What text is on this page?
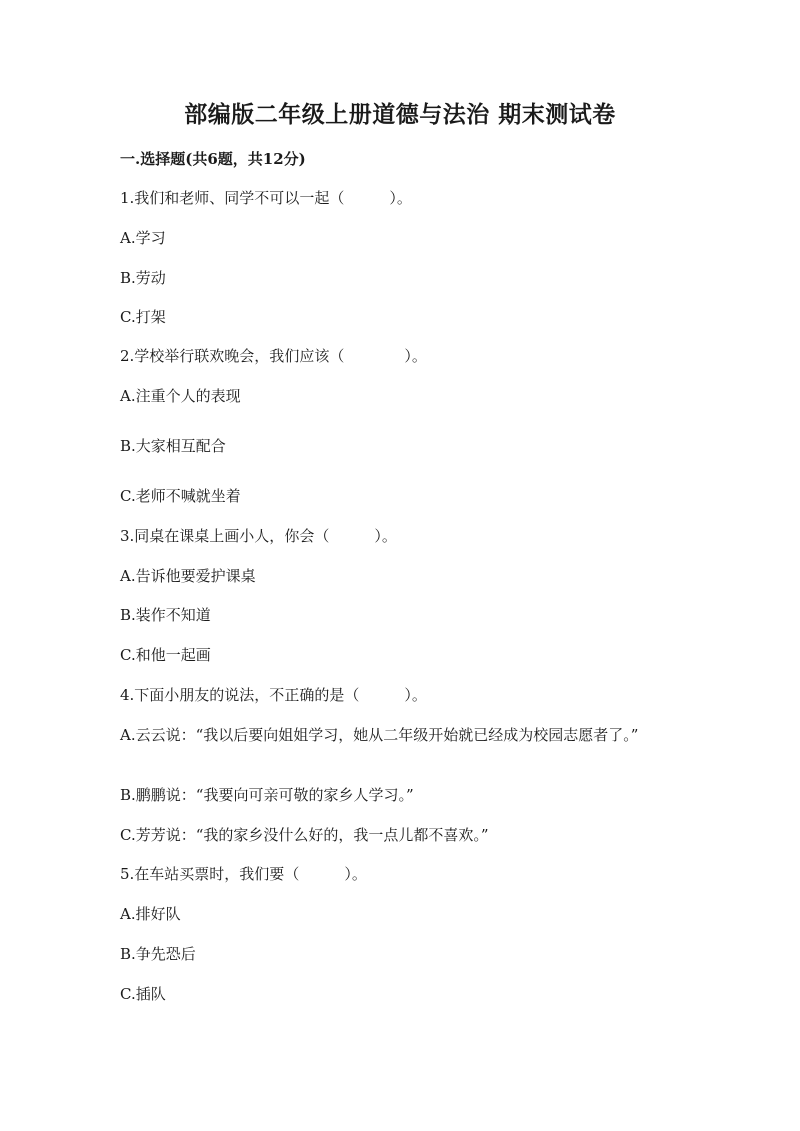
部编版二年级上册道德与法治 期末测试卷
一.选择题(共6题，共12分)
1.我们和老师、同学不可以一起（　　　）。
A.学习
B.劳动
C.打架
2.学校举行联欢晚会，我们应该（　　　　）。
A.注重个人的表现
B.大家相互配合
C.老师不喊就坐着
3.同桌在课桌上画小人，你会（　　　）。
A.告诉他要爱护课桌
B.装作不知道
C.和他一起画
4.下面小朋友的说法，不正确的是（　　　）。
A.云云说：“我以后要向姐姐学习，她从二年级开始就已经成为校园志愿者了。”
B.鹏鹏说：“我要向可亲可敬的家乡人学习。”
C.芳芳说：“我的家乡没什么好的，我一点儿都不喜欢。”
5.在车站买票时，我们要（　　　）。
A.排好队
B.争先恐后
C.插队
